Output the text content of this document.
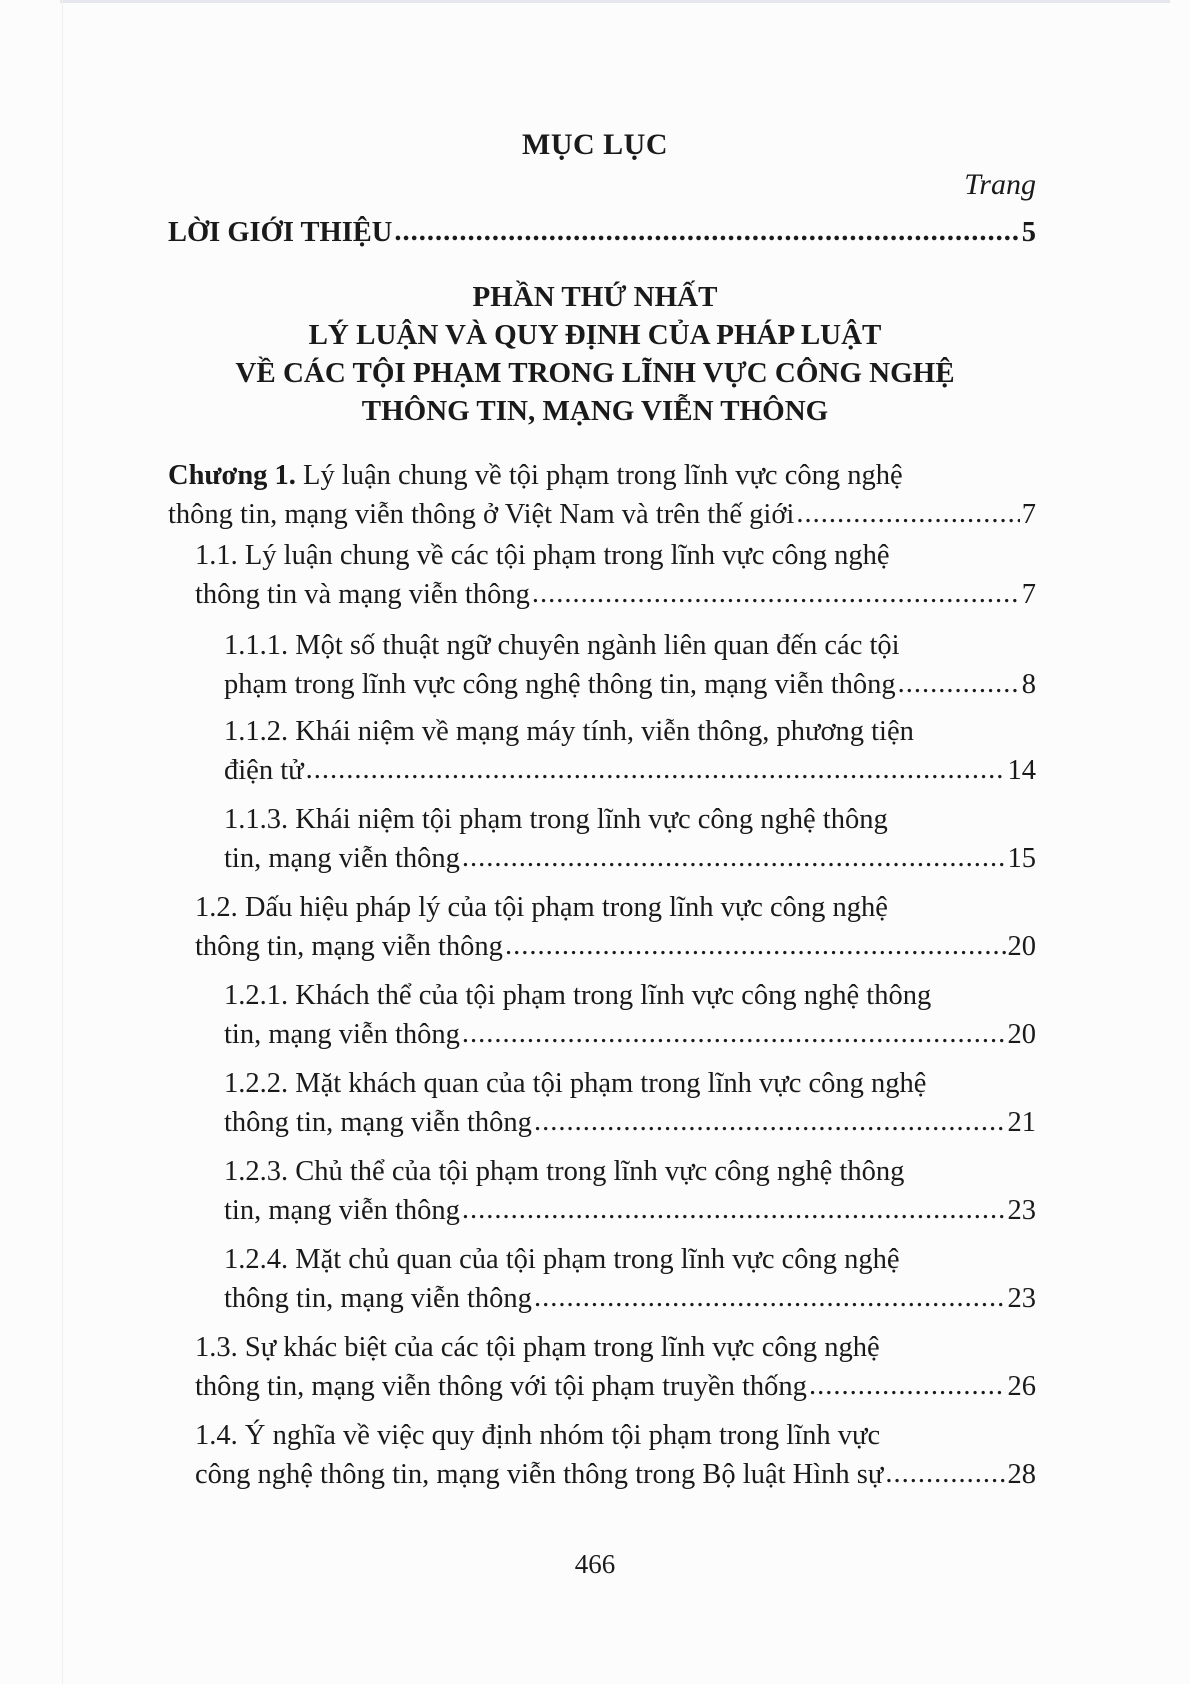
MỤC LỤC
Trang
LỜI GIỚI THIỆU .....	5
PHẦN THỨ NHẤT
LÝ LUẬN VÀ QUY ĐỊNH CỦA PHÁP LUẬT
VỀ CÁC TỘI PHẠM TRONG LĨNH VỰC CÔNG NGHỆ
THÔNG TIN, MẠNG VIỄN THÔNG
Chương 1. Lý luận chung về tội phạm trong lĩnh vực công nghệ
thông tin, mạng viễn thông ở Việt Nam và trên thế giới .....	7
1.1. Lý luận chung về các tội phạm trong lĩnh vực công nghệ
thông tin và mạng viễn thông .....	7
1.1.1. Một số thuật ngữ chuyên ngành liên quan đến các tội
phạm trong lĩnh vực công nghệ thông tin, mạng viễn thông .....	8
1.1.2. Khái niệm về mạng máy tính, viễn thông, phương tiện
điện tử .....	14
1.1.3. Khái niệm tội phạm trong lĩnh vực công nghệ thông
tin, mạng viễn thông .....	15
1.2. Dấu hiệu pháp lý của tội phạm trong lĩnh vực công nghệ
thông tin, mạng viễn thông .....	20
1.2.1. Khách thể của tội phạm trong lĩnh vực công nghệ thông
tin, mạng viễn thông .....	20
1.2.2. Mặt khách quan của tội phạm trong lĩnh vực công nghệ
thông tin, mạng viễn thông .....	21
1.2.3. Chủ thể của tội phạm trong lĩnh vực công nghệ thông
tin, mạng viễn thông .....	23
1.2.4. Mặt chủ quan của tội phạm trong lĩnh vực công nghệ
thông tin, mạng viễn thông .....	23
1.3. Sự khác biệt của các tội phạm trong lĩnh vực công nghệ
thông tin, mạng viễn thông với tội phạm truyền thống .....	26
1.4. Ý nghĩa về việc quy định nhóm tội phạm trong lĩnh vực
công nghệ thông tin, mạng viễn thông trong Bộ luật Hình sự .....	28
466
